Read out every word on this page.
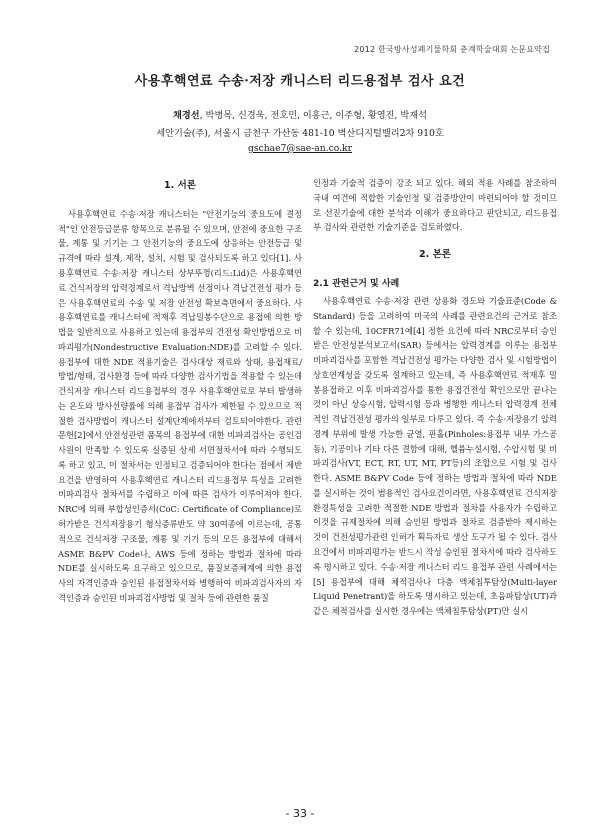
2012 한국방사성폐기물학회 춘계학술대회 논문요약집
사용후핵연료 수송·저장 캐니스터 리드용접부 검사 요건
채경선, 박병목, 신경욱, 전호민, 이홍근, 이주형, 황영진, 박재석
세안기술(주), 서울시 금천구 가산동 481-10 벽산디지털밸리2차 910호
gschae7@sae-an.co.kr
1. 서론

사용후핵연료 수송·저장 캐니스터는 "안전기능의 중요도에 결정적"인 안전등급분류 항목으로 분류될 수 있으며, 안전에 중요한 구조물, 계통 및 기기는 그 안전기능의 중요도에 상응하는 안전등급 및 규격에 따라 설계, 제작, 설치, 시험 및 검사되도록 하고 있다[1]. 사용후핵연료 수송·저장 캐니스터 상부뚜껑(리드:Lid)은 사용후핵연료 건식저장의 압력경계로서 격납방벽 선정이나 격납건전성 평가 등은 사용후핵연료의 수송 및 저장 안전성 확보측면에서 중요하다. 사용후핵연료를 캐니스터에 적재후 격납밀봉수단으로 용접에 의한 방법을 일반적으로 사용하고 있는데 용접부의 건전성 확인방법으로 비파괴평가(Nondestructive Evaluation:NDE)를 고려할 수 있다. 용접부에 대한 NDE 적용기술은 검사대상 재료와 상태, 용접재료/방법/형태, 검사환경 등에 따라 다양한 검사기법을 적용할 수 있는데 건식저장 캐니스터 리드용접부의 경우 사용후핵연료로 부터 발생하는 온도와 방사선량률에 의해 용접부 검사가 제한될 수 있으므로 적절한 검사방법이 캐니스터 설계단계에서부터 검토되어야한다. 관련 문헌[2]에서 안전성관련 품목의 용접부에 대한 비파괴검사는 공인검사원이 만족할 수 있도록 실증된 상세 서면절차서에 따라 수행되도록 하고 있고, 이 절차서는 인정되고 검증되어야 한다는 점에서 제반요건을 반영하여 사용후핵연료 캐니스터 리드용접부 특성을 고려한 비파괴검사 절차서를 수립하고 이에 따른 검사가 이루어져야 한다. NRC에 의해 부합성인증서(CoC: Certificate of Compliance)로 허가받은 건식저장용기 형식증류반도 약 30여종에 이르는데, 공통적으로 건식저장 구조물, 계통 및 기기 등의 모든 용접부에 대해서 ASME B&PV Code나, AWS 등에 정하는 방법과 절차에 따라 NDE를 실시하도록 요구하고 있으므로, 품질보증체계에 의한 용접사의 자격인증과 승인된 용접절차서와 병행하여 비파괴검사자의 자격인증과 승인된 비파괴검사방법 및 절차 등에 관련한 품질

인정과 기술적 검증이 강조 되고 있다. 해외 적용 사례를 참조하여 국내 여건에 적합한 기술인정 및 검증방안이 마련되어야 할 것이므로 선진기술에 대한 분석과 이해가 중요하다고 판단되고, 리드용접부 검사와 관련한 기술기준을 검토하였다.

2. 본론
2.1 관련근거 및 사례

사용후핵연료 수송·저장 관련 상용화 경도와 기술표준(Code & Standard) 등을 고려하여 미국의 사례를 관련요건의 근거로 참조할 수 있는데, 10CFR71예[4] 정한 요건에 따라 NRC로부터 승인받은 안전성분석보고서(SAR) 등에서는 압력경계를 이루는 용접부 비파괴검사를 포함한 격납건전성 평가는 다양한 검사 및 시험방법이 상호연계성을 갖도록 설계하고 있는데, 즉 사용후핵연료 적재후 밀봉용접하고 이후 비파괴검사를 통한 용접건전성 확인으로만 끝나는 것이 아닌 상승시험, 압력시험 등과 병행한 캐니스터 압력경계 전체적인 격납건전성 평가의 일부로 다루고 있다. 즉 수송·저장용기 압력경계 부위에 발생 가능한 균열, 핀홀(Pinholes:용접부 내부 가스공동), 기공이나 기타 다른 결함에 대해, 헬륨누설시험, 수압시험 및 비파괴검사(VT, ECT, RT, UT, MT, PT등)의 조합으로 시험 및 검사한다. ASME B&PV Code 등에 정하는 방법과 절차에 따라 NDE를 실시하는 것이 범용적인 검사요건이라면, 사용후핵연료 건식저장 환경특성을 고려한 적절한 NDE 방법과 절차를 사용자가 수립하고 이것을 규제절차에 의해 승인된 방법과 절차로 검증받아 제시하는 것이 건전성평가관련 인허가 획득자료 생산 도구가 될 수 있다. 검사요건에서 비파괴평가는 반드시 작성 승인된 절차서에 따라 검사하도록 명시하고 있다. 수송·저장 캐니스터 리드 용접부 관련 사례에서는[5] 용접부에 대해 체적검사나 다층 액체침투탐상(Multi-layer Liquid Penetrant)을 하도록 명시하고 있는데, 초음파탐상(UT)과 같은 체적검사를 실시한 경우에는 액체침투탐상(PT)만 실시

- 33 -
